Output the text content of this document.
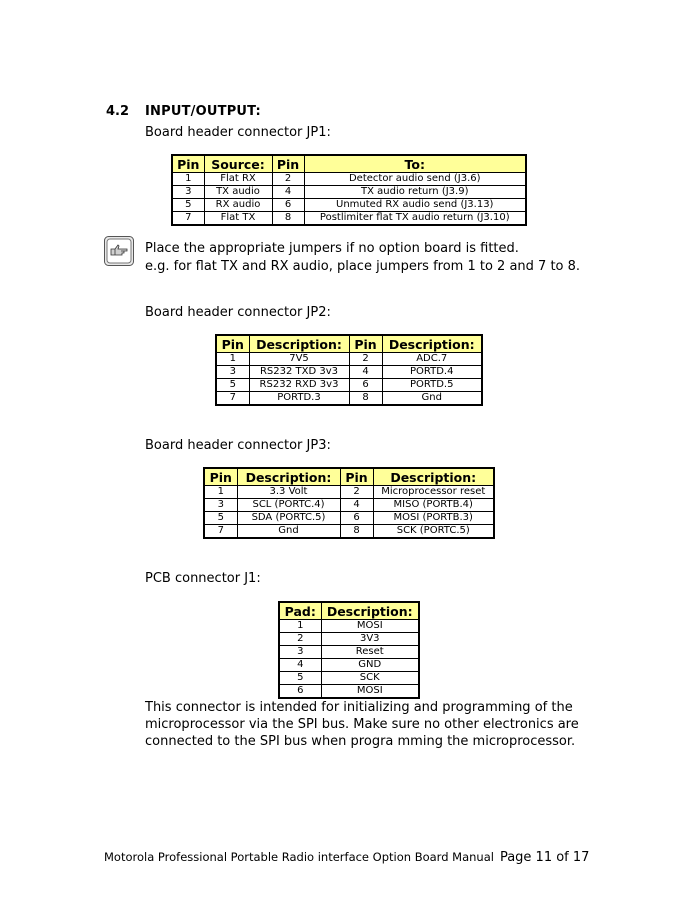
4.2 INPUT/OUTPUT:
Board header connector JP1:
Pin	Source:	Pin	To:
1	Flat RX	2	Detector audio send (J3.6)
3	TX audio	4	TX audio return (J3.9)
5	RX audio	6	Unmuted RX audio send (J3.13)
7	Flat TX	8	Postlimiter flat TX audio return (J3.10)
Place the appropriate jumpers if no option board is fitted.
e.g. for flat TX and RX audio, place jumpers from 1 to 2 and 7 to 8.
Board header connector JP2:
Pin	Description:	Pin	Description:
1	7V5	2	ADC.7
3	RS232 TXD 3v3	4	PORTD.4
5	RS232 RXD 3v3	6	PORTD.5
7	PORTD.3	8	Gnd
Board header connector JP3:
Pin	Description:	Pin	Description:
1	3.3 Volt	2	Microprocessor reset
3	SCL (PORTC.4)	4	MISO (PORTB.4)
5	SDA (PORTC.5)	6	MOSI (PORTB.3)
7	Gnd	8	SCK (PORTC.5)
PCB connector J1:
Pad:	Description:
1	MOSI
2	3V3
3	Reset
4	GND
5	SCK
6	MOSI
This connector is intended for initializing and programming of the
microprocessor via the SPI bus. Make sure no other electronics are
connected to the SPI bus when progra mming the microprocessor.
Motorola Professional Portable Radio interface Option Board Manual Page 11 of 17
